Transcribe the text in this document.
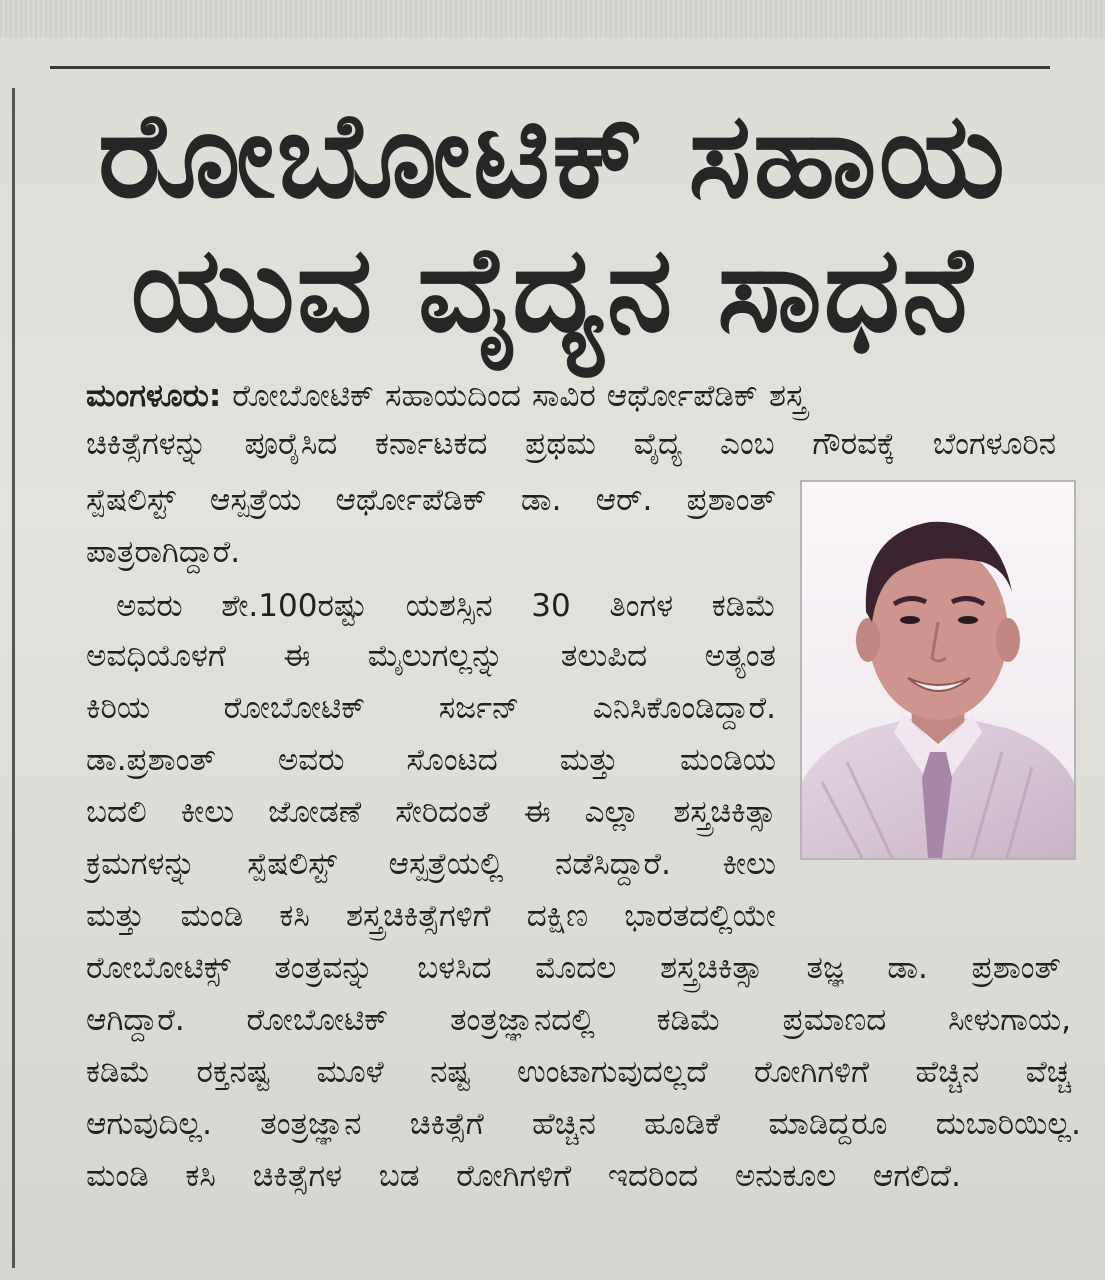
ರೋಬೋಟಿಕ್ ಸಹಾಯ
ಯುವ ವೈದ್ಯನ ಸಾಧನೆ
ಮಂಗಳೂರು: ರೋಬೋಟಿಕ್ ಸಹಾಯದಿಂದ ಸಾವಿರ ಆರ್ಥೋಪೆಡಿಕ್ ಶಸ್ತ್ರ
ಚಿಕಿತ್ಸೆಗಳನ್ನು ಪೂರೈಸಿದ ಕರ್ನಾಟಕದ ಪ್ರಥಮ ವೈದ್ಯ ಎಂಬ ಗೌರವಕ್ಕೆ ಬೆಂಗಳೂರಿನ
ಸ್ಪೆಷಲಿಸ್ಟ್ ಆಸ್ಪತ್ರೆಯ ಆರ್ಥೋಪೆಡಿಕ್ ಡಾ. ಆರ್. ಪ್ರಶಾಂತ್
ಪಾತ್ರರಾಗಿದ್ದಾರೆ.
ಅವರು ಶೇ.100ರಷ್ಟು ಯಶಸ್ಸಿನ 30 ತಿಂಗಳ ಕಡಿಮೆ
ಅವಧಿಯೊಳಗೆ ಈ ಮೈಲುಗಲ್ಲನ್ನು ತಲುಪಿದ ಅತ್ಯಂತ
ಕಿರಿಯ ರೋಬೋಟಿಕ್ ಸರ್ಜನ್ ಎನಿಸಿಕೊಂಡಿದ್ದಾರೆ.
ಡಾ.ಪ್ರಶಾಂತ್ ಅವರು ಸೊಂಟದ ಮತ್ತು ಮಂಡಿಯ
ಬದಲಿ ಕೀಲು ಜೋಡಣೆ ಸೇರಿದಂತೆ ಈ ಎಲ್ಲಾ ಶಸ್ತ್ರಚಿಕಿತ್ಸಾ
ಕ್ರಮಗಳನ್ನು ಸ್ಪೆಷಲಿಸ್ಟ್ ಆಸ್ಪತ್ರೆಯಲ್ಲಿ ನಡೆಸಿದ್ದಾರೆ. ಕೀಲು
ಮತ್ತು ಮಂಡಿ ಕಸಿ ಶಸ್ತ್ರಚಿಕಿತ್ಸೆಗಳಿಗೆ ದಕ್ಷಿಣ ಭಾರತದಲ್ಲಿಯೇ
ರೋಬೋಟಿಕ್ಸ್ ತಂತ್ರವನ್ನು ಬಳಸಿದ ಮೊದಲ ಶಸ್ತ್ರಚಿಕಿತ್ಸಾ ತಜ್ಞ ಡಾ. ಪ್ರಶಾಂತ್
ಆಗಿದ್ದಾರೆ. ರೋಬೋಟಿಕ್ ತಂತ್ರಜ್ಞಾನದಲ್ಲಿ ಕಡಿಮೆ ಪ್ರಮಾಣದ ಸೀಳುಗಾಯ,
ಕಡಿಮೆ ರಕ್ತನಷ್ಟ ಮೂಳೆ ನಷ್ಟ ಉಂಟಾಗುವುದಲ್ಲದೆ ರೋಗಿಗಳಿಗೆ ಹೆಚ್ಚಿನ ವೆಚ್ಚ
ಆಗುವುದಿಲ್ಲ. ತಂತ್ರಜ್ಞಾನ ಚಿಕಿತ್ಸೆಗೆ ಹೆಚ್ಚಿನ ಹೂಡಿಕೆ ಮಾಡಿದ್ದರೂ ದುಬಾರಿಯಿಲ್ಲ.
ಮಂಡಿ ಕಸಿ ಚಿಕಿತ್ಸೆಗಳ ಬಡ ರೋಗಿಗಳಿಗೆ ಇದರಿಂದ ಅನುಕೂಲ ಆಗಲಿದೆ.
